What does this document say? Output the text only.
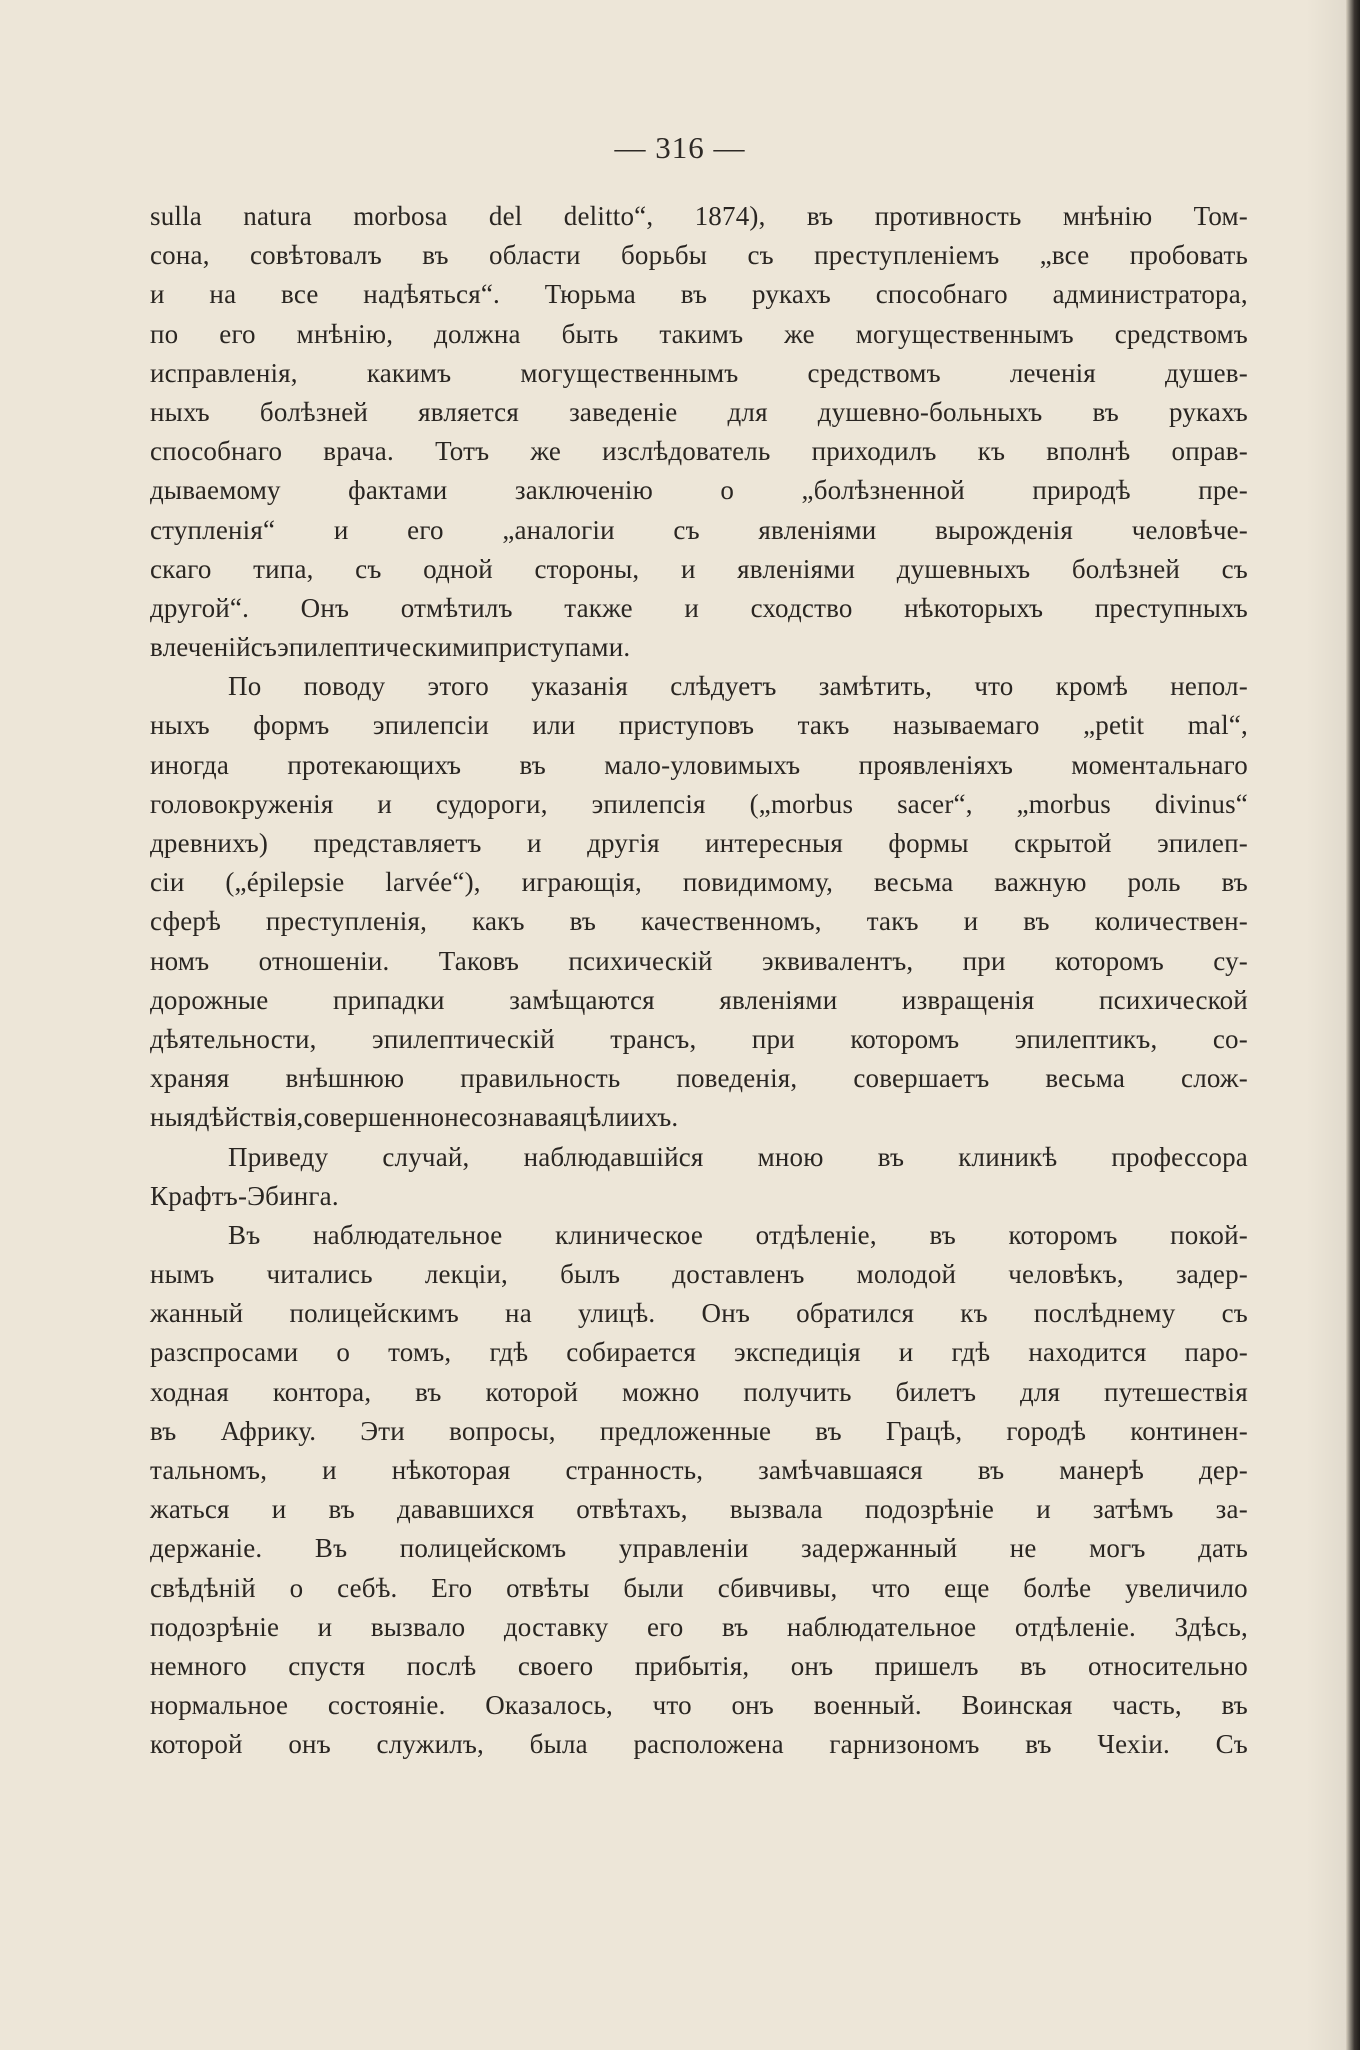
— 316 —
sulla natura morbosa del delitto“, 1874), въ противность мнѣнію Том-
сона, совѣтовалъ въ области борьбы съ преступленіемъ „все пробовать
и на все надѣяться“. Тюрьма въ рукахъ способнаго администратора,
по его мнѣнію, должна быть такимъ же могущественнымъ средствомъ
исправленія,	какимъ	могущественнымъ	средствомъ	леченія	душев-
ныхъ болѣзней является заведеніе для душевно-больныхъ въ рукахъ
способнаго врача. Тотъ же изслѣдователь приходилъ къ вполнѣ оправ-
дываемому фактами заключенію о „болѣзненной природѣ пре-
ступленія“ и его „аналогіи съ явленіями вырожденія человѣче-
скаго типа, съ одной стороны, и явленіями душевныхъ болѣзней съ
другой“. Онъ отмѣтилъ также и сходство нѣкоторыхъ преступныхъ
влеченій съ эпилептическими приступами.
По поводу этого указанія слѣдуетъ замѣтить, что кромѣ непол-
ныхъ формъ эпилепсіи или приступовъ такъ называемаго „petit mal“,
иногда протекающихъ въ мало-уловимыхъ проявленіяхъ моментальнаго
головокруженія и судороги, эпилепсія („morbus sacer“, „morbus divinus“
древнихъ) представляетъ и другія интересныя формы скрытой эпилеп-
сіи („épilepsie larvée“), играющія, повидимому, весьма важную роль въ
сферѣ преступленія, какъ въ качественномъ, такъ и въ количествен-
номъ отношеніи. Таковъ психическій эквивалентъ, при которомъ су-
дорожные припадки замѣщаются явленіями извращенія психической
дѣятельности, эпилептическій трансъ, при которомъ эпилептикъ, со-
храняя внѣшнюю правильность поведенія, совершаетъ весьма слож-
ныя дѣйствія, совершенно не сознавая цѣли ихъ.
Приведу случай, наблюдавшійся мною въ клиникѣ профессора
Крафтъ-Эбинга.
Въ наблюдательное клиническое отдѣленіе, въ которомъ покой-
нымъ читались лекціи, былъ доставленъ молодой человѣкъ, задер-
жанный полицейскимъ на улицѣ. Онъ обратился къ послѣднему съ
разспросами о томъ, гдѣ собирается экспедиція и гдѣ находится паро-
ходная контора, въ которой можно получить билетъ для путешествія
въ Африку. Эти вопросы, предложенные въ Грацѣ, городѣ континен-
тальномъ, и нѣкоторая странность, замѣчавшаяся въ манерѣ дер-
жаться и въ дававшихся отвѣтахъ, вызвала подозрѣніе и затѣмъ за-
держаніе. Въ полицейскомъ управленіи задержанный не могъ дать
свѣдѣній о себѣ. Его отвѣты были сбивчивы, что еще болѣе увеличило
подозрѣніе и вызвало доставку его въ наблюдательное отдѣленіе. Здѣсь,
немного спустя послѣ своего прибытія, онъ пришелъ въ относительно
нормальное состояніе. Оказалось, что онъ военный. Воинская часть, въ
которой онъ служилъ, была расположена гарнизономъ въ Чехіи. Съ
